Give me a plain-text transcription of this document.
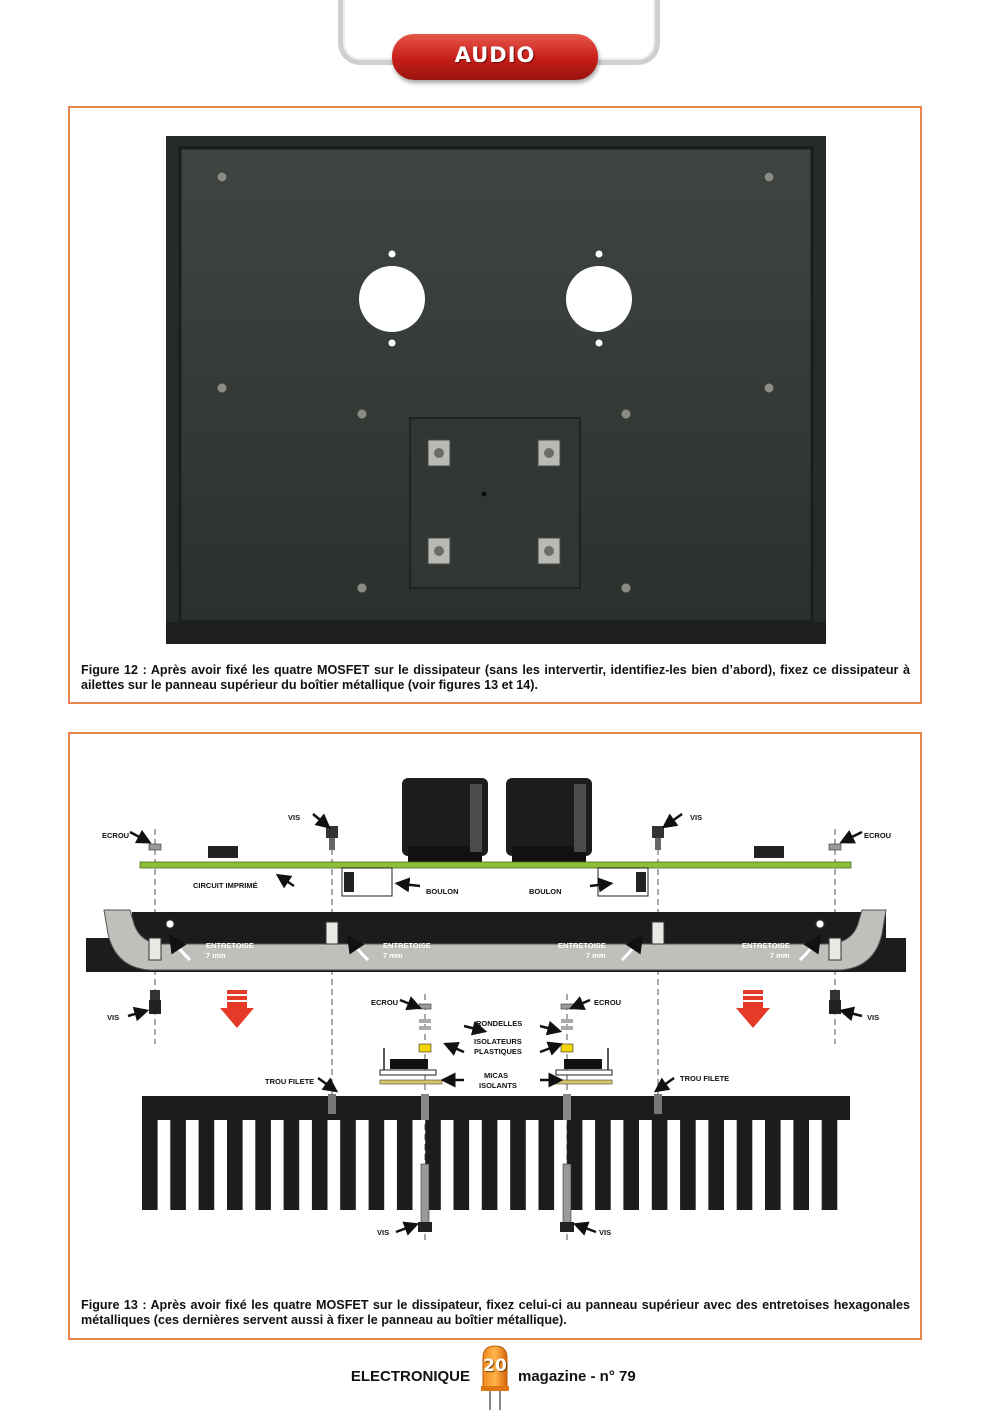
AUDIO
Figure 12 : Après avoir fixé les quatre MOSFET sur le dissipateur (sans les intervertir, identifiez-les bien d’abord), fixez ce dissipateur à ailettes sur le panneau supérieur du boîtier métallique (voir figures 13 et 14).
ECROU
VIS	VIS
ECROU
CIRCUIT IMPRIMÉ
BOULON	BOULON
ENTRETOISE
7 mm
ENTRETOISE
7 mm
ENTRETOISE
7 mm
ENTRETOISE
7 mm
VIS	VIS
ECROU	ECROU
RONDELLES
ISOLATEURS
PLASTIQUES
MICAS
ISOLANTS
TROU FILETE	TROU FILETE
VIS	VIS
Figure 13 : Après avoir fixé les quatre MOSFET sur le dissipateur, fixez celui-ci au panneau supérieur avec des entretoises hexagonales métalliques (ces dernières servent aussi à fixer le panneau au boîtier métallique).
ELECTRONIQUE
20
magazine - n° 79
